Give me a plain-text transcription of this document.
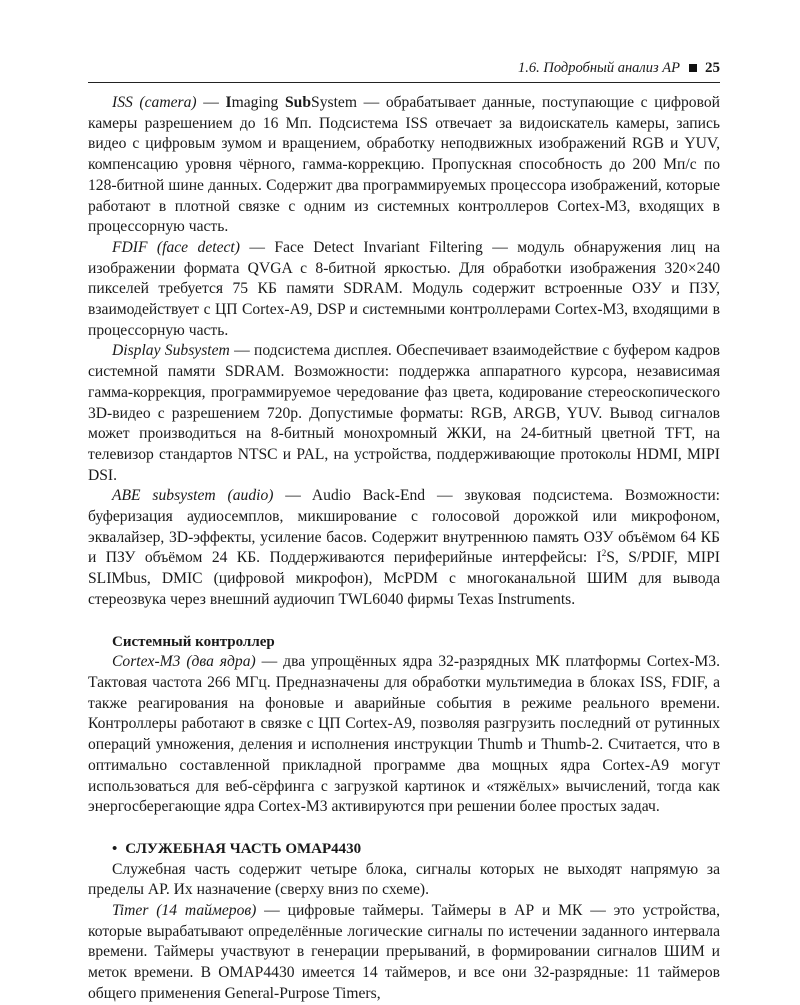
1.6. Подробный анализ АР 25

ISS (camera) — Imaging SubSystem — обрабатывает данные, поступающие с цифровой камеры разрешением до 16 Мп. Подсистема ISS отвечает за видоискатель камеры, запись видео с цифровым зумом и вращением, обработку неподвижных изображений RGB и YUV, компенсацию уровня чёрного, гамма-коррекцию. Пропускная способность до 200 Мп/с по 128-битной шине данных. Содержит два программируемых процессора изображений, которые работают в плотной связке с одним из системных контроллеров Cortex-M3, входящих в процессорную часть.

FDIF (face detect) — Face Detect Invariant Filtering — модуль обнаружения лиц на изображении формата QVGA с 8-битной яркостью. Для обработки изображения 320×240 пикселей требуется 75 КБ памяти SDRAM. Модуль содержит встроенные ОЗУ и ПЗУ, взаимодействует с ЦП Cortex-A9, DSP и системными контроллерами Cortex-M3, входящими в процессорную часть.

Display Subsystem — подсистема дисплея. Обеспечивает взаимодействие с буфером кадров системной памяти SDRAM. Возможности: поддержка аппаратного курсора, независимая гамма-коррекция, программируемое чередование фаз цвета, кодирование стереоскопического 3D-видео с разрешением 720p. Допустимые форматы: RGB, ARGB, YUV. Вывод сигналов может производиться на 8-битный монохромный ЖКИ, на 24-битный цветной TFT, на телевизор стандартов NTSC и PAL, на устройства, поддерживающие протоколы HDMI, MIPI DSI.

ABE subsystem (audio) — Audio Back-End — звуковая подсистема. Возможности: буферизация аудиосемплов, микширование с голосовой дорожкой или микрофоном, эквалайзер, 3D-эффекты, усиление басов. Содержит внутреннюю память ОЗУ объёмом 64 КБ и ПЗУ объёмом 24 КБ. Поддерживаются периферийные интерфейсы: $I^2S$, S/PDIF, MIPI SLIMbus, DMIC (цифровой микрофон), McPDM с многоканальной ШИМ для вывода стереозвука через внешний аудиочип TWL6040 фирмы Texas Instruments.

Системный контроллер

Cortex-M3 (два ядра) — два упрощённых ядра 32-разрядных МК платформы Cortex-M3. Тактовая частота 266 МГц. Предназначены для обработки мультимедиа в блоках ISS, FDIF, а также реагирования на фоновые и аварийные события в режиме реального времени. Контроллеры работают в связке с ЦП Cortex-A9, позволяя разгрузить последний от рутинных операций умножения, деления и исполнения инструкции Thumb и Thumb-2. Считается, что в оптимально составленной прикладной программе два мощных ядра Cortex-A9 могут использоваться для веб-сёрфинга с загрузкой картинок и «тяжёлых» вычислений, тогда как энергосберегающие ядра Cortex-M3 активируются при решении более простых задач.

• СЛУЖЕБНАЯ ЧАСТЬ OMAP4430

Служебная часть содержит четыре блока, сигналы которых не выходят напрямую за пределы АР. Их назначение (сверху вниз по схеме).

Timer (14 таймеров) — цифровые таймеры. Таймеры в АР и МК — это устройства, которые вырабатывают определённые логические сигналы по истечении заданного интервала времени. Таймеры участвуют в генерации прерываний, в формировании сигналов ШИМ и меток времени. В OMAP4430 имеется 14 таймеров, и все они 32-разрядные: 11 таймеров общего применения General-Purpose Timers,
